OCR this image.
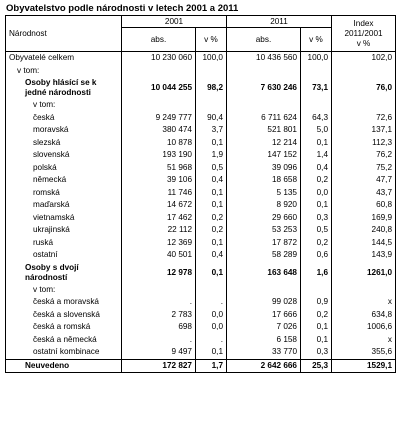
Obyvatelstvo podle národnosti v letech 2001 a 2011
Národnost	2001		2011		Index
2011/2001
v %
	abs.	v %	abs.	v %	
Obyvatelé celkem	10 230 060	100,0	10 436 560	100,0	102,0
v tom:					
Osoby hlásící se k jedné národnosti	10 044 255	98,2	7 630 246	73,1	76,0
v tom:					
česká	9 249 777	90,4	6 711 624	64,3	72,6
moravská	380 474	3,7	521 801	5,0	137,1
slezská	10 878	0,1	12 214	0,1	112,3
slovenská	193 190	1,9	147 152	1,4	76,2
polská	51 968	0,5	39 096	0,4	75,2
německá	39 106	0,4	18 658	0,2	47,7
romská	11 746	0,1	5 135	0,0	43,7
maďarská	14 672	0,1	8 920	0,1	60,8
vietnamská	17 462	0,2	29 660	0,3	169,9
ukrajinská	22 112	0,2	53 253	0,5	240,8
ruská	12 369	0,1	17 872	0,2	144,5
ostatní	40 501	0,4	58 289	0,6	143,9
Osoby s dvojí národností	12 978	0,1	163 648	1,6	1261,0
v tom:					
česká a moravská	.	.	99 028	0,9	x
česká a slovenská	2 783	0,0	17 666	0,2	634,8
česká a romská	698	0,0	7 026	0,1	1006,6
česká a německá	.	.	6 158	0,1	x
ostatní kombinace	9 497	0,1	33 770	0,3	355,6
Neuvedeno	172 827	1,7	2 642 666	25,3	1529,1
